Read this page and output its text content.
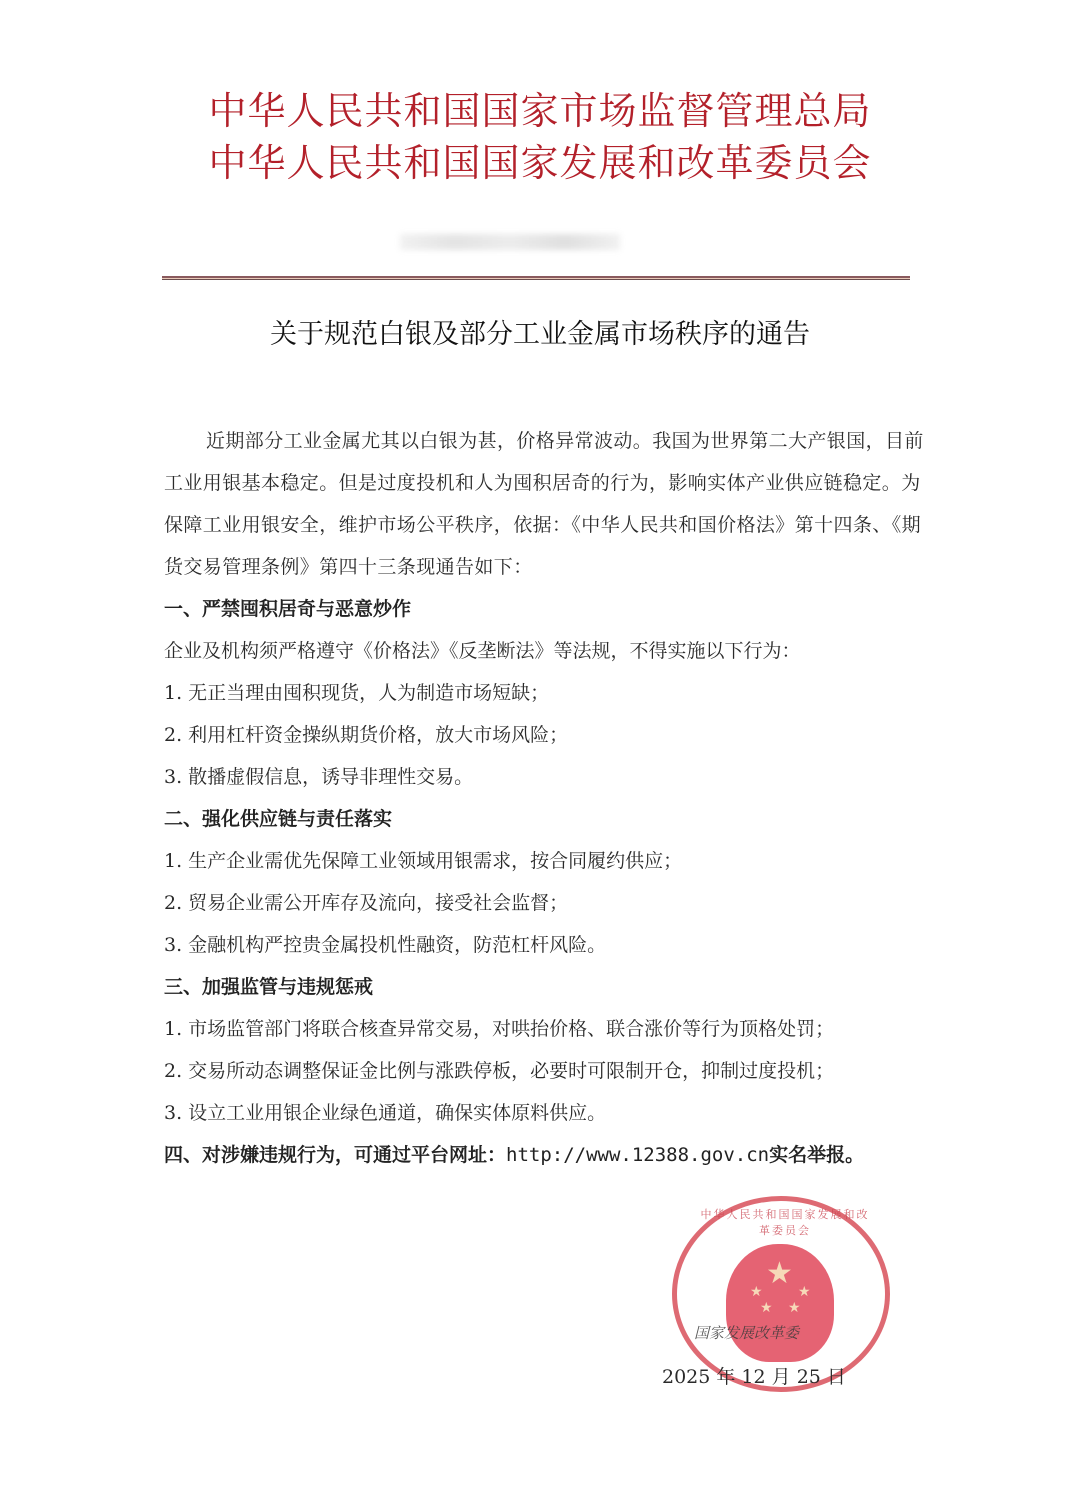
中华人民共和国国家市场监督管理总局
中华人民共和国国家发展和改革委员会
关于规范白银及部分工业金属市场秩序的通告

近期部分工业金属尤其以白银为甚，价格异常波动。我国为世界第二大产银国，目前工业用银基本稳定。但是过度投机和人为囤积居奇的行为，影响实体产业供应链稳定。为保障工业用银安全，维护市场公平秩序，依据：《中华人民共和国价格法》第十四条、《期货交易管理条例》第四十三条现通告如下：

一、严禁囤积居奇与恶意炒作

企业及机构须严格遵守《价格法》《反垄断法》等法规，不得实施以下行为：

1. 无正当理由囤积现货，人为制造市场短缺；

2. 利用杠杆资金操纵期货价格，放大市场风险；

3. 散播虚假信息，诱导非理性交易。

二、强化供应链与责任落实

1. 生产企业需优先保障工业领域用银需求，按合同履约供应；

2. 贸易企业需公开库存及流向，接受社会监督；

3. 金融机构严控贵金属投机性融资，防范杠杆风险。

三、加强监管与违规惩戒

1. 市场监管部门将联合核查异常交易，对哄抬价格、联合涨价等行为顶格处罚；

2. 交易所动态调整保证金比例与涨跌停板，必要时可限制开仓，抑制过度投机；

3. 设立工业用银企业绿色通道，确保实体原料供应。

四、对涉嫌违规行为，可通过平台网址：http://www.12388.gov.cn实名举报。

★
★	★
★ ★
中华人民共和国国家发展和改革委员会
国家发展改革委
2025 年 12 月 25 日
